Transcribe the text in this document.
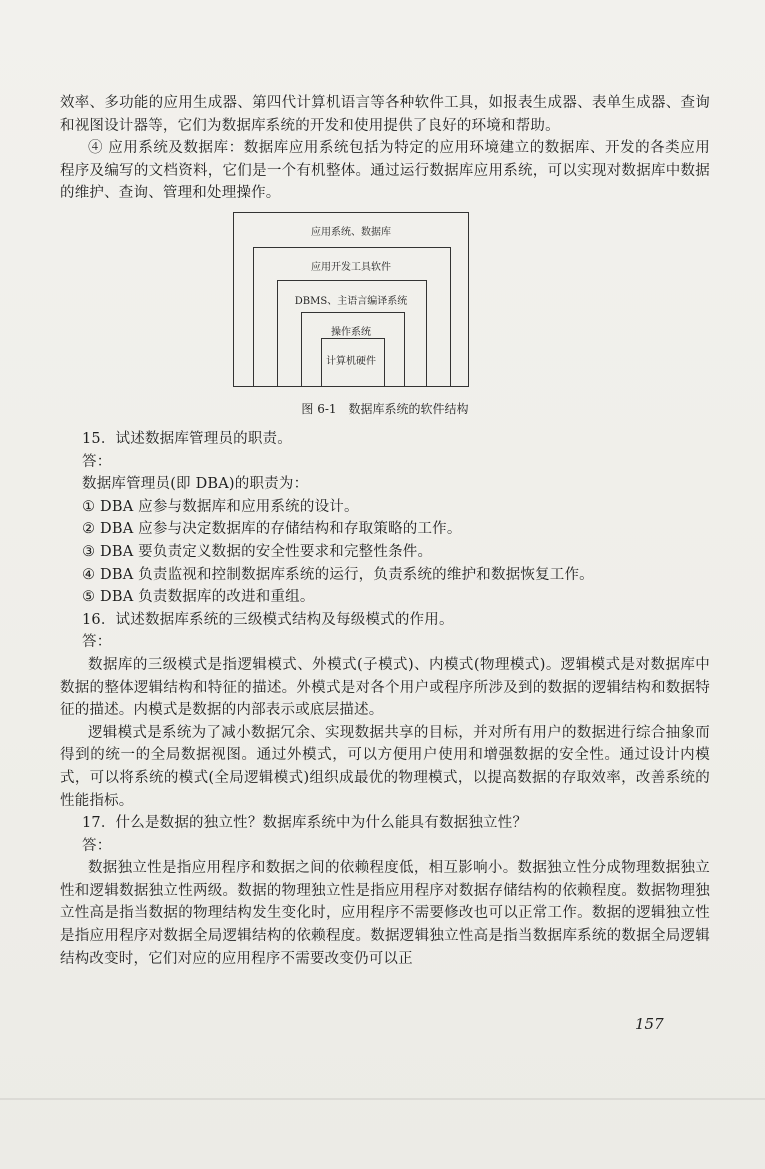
效率、多功能的应用生成器、第四代计算机语言等各种软件工具，如报表生成器、表单生成器、查询和视图设计器等，它们为数据库系统的开发和使用提供了良好的环境和帮助。

④ 应用系统及数据库：数据库应用系统包括为特定的应用环境建立的数据库、开发的各类应用程序及编写的文档资料，它们是一个有机整体。通过运行数据库应用系统，可以实现对数据库中数据的维护、查询、管理和处理操作。

应用系统、数据库
应用开发工具软件
DBMS、主语言编译系统
操作系统
计算机硬件
图 6-1　数据库系统的软件结构

15．试述数据库管理员的职责。

答：

数据库管理员(即 DBA)的职责为：

① DBA 应参与数据库和应用系统的设计。

② DBA 应参与决定数据库的存储结构和存取策略的工作。

③ DBA 要负责定义数据的安全性要求和完整性条件。

④ DBA 负责监视和控制数据库系统的运行，负责系统的维护和数据恢复工作。

⑤ DBA 负责数据库的改进和重组。

16．试述数据库系统的三级模式结构及每级模式的作用。

答：

数据库的三级模式是指逻辑模式、外模式(子模式)、内模式(物理模式)。逻辑模式是对数据库中数据的整体逻辑结构和特征的描述。外模式是对各个用户或程序所涉及到的数据的逻辑结构和数据特征的描述。内模式是数据的内部表示或底层描述。

逻辑模式是系统为了减小数据冗余、实现数据共享的目标，并对所有用户的数据进行综合抽象而得到的统一的全局数据视图。通过外模式，可以方便用户使用和增强数据的安全性。通过设计内模式，可以将系统的模式(全局逻辑模式)组织成最优的物理模式，以提高数据的存取效率，改善系统的性能指标。

17．什么是数据的独立性？数据库系统中为什么能具有数据独立性？

答：

数据独立性是指应用程序和数据之间的依赖程度低，相互影响小。数据独立性分成物理数据独立性和逻辑数据独立性两级。数据的物理独立性是指应用程序对数据存储结构的依赖程度。数据物理独立性高是指当数据的物理结构发生变化时，应用程序不需要修改也可以正常工作。数据的逻辑独立性是指应用程序对数据全局逻辑结构的依赖程度。数据逻辑独立性高是指当数据库系统的数据全局逻辑结构改变时，它们对应的应用程序不需要改变仍可以正

157
